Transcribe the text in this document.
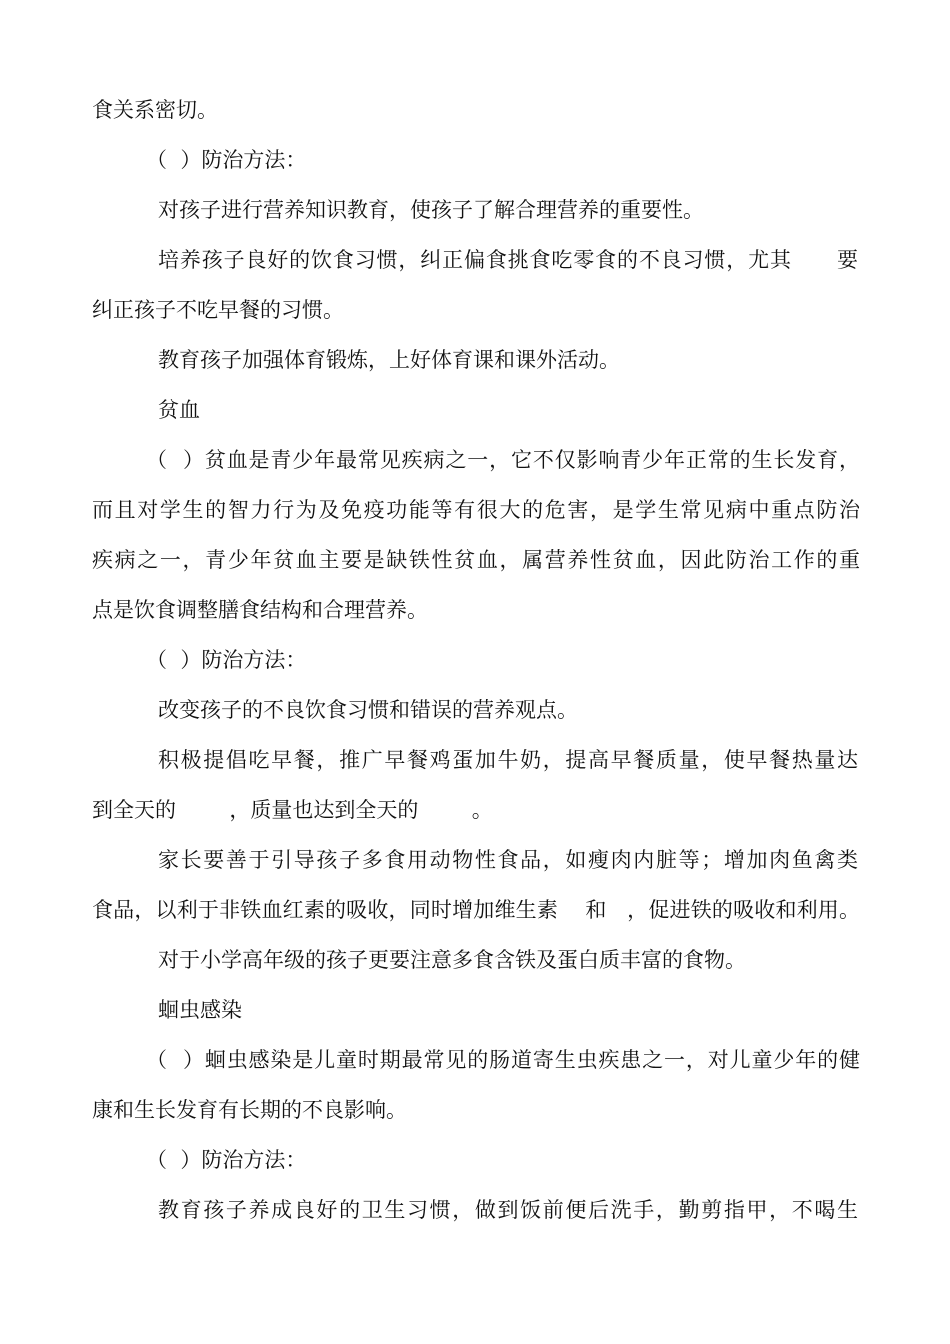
食关系密切。
（  ）防治方法：
对孩子进行营养知识教育，使孩子了解合理营养的重要性。
培养孩子良好的饮食习惯，纠正偏食挑食吃零食的不良习惯，尤其      要
纠正孩子不吃早餐的习惯。
教育孩子加强体育锻炼，上好体育课和课外活动。
贫血
（  ）贫血是青少年最常见疾病之一，它不仅影响青少年正常的生长发育，
而且对学生的智力行为及免疫功能等有很大的危害，是学生常见病中重点防治
疾病之一，青少年贫血主要是缺铁性贫血，属营养性贫血，因此防治工作的重
点是饮食调整膳食结构和合理营养。
（  ）防治方法：
改变孩子的不良饮食习惯和错误的营养观点。
积极提倡吃早餐，推广早餐鸡蛋加牛奶，提高早餐质量，使早餐热量达
到全天的        ，质量也达到全天的        。
家长要善于引导孩子多食用动物性食品，如瘦肉内脏等；增加肉鱼禽类
食品，以利于非铁血红素的吸收，同时增加维生素    和   ，促进铁的吸收和利用。
对于小学高年级的孩子更要注意多食含铁及蛋白质丰富的食物。
蛔虫感染
（  ）蛔虫感染是儿童时期最常见的肠道寄生虫疾患之一，对儿童少年的健
康和生长发育有长期的不良影响。
（  ）防治方法：
教育孩子养成良好的卫生习惯，做到饭前便后洗手，勤剪指甲，不喝生
